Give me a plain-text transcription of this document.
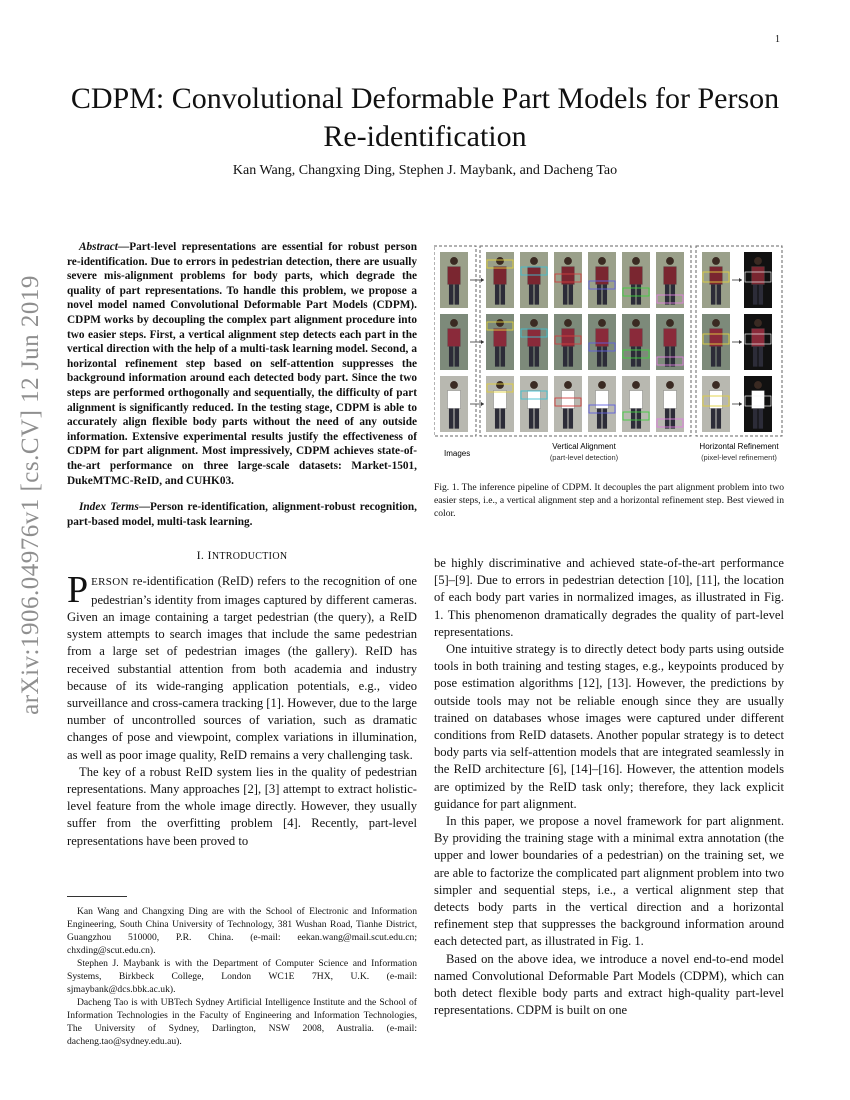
1
arXiv:1906.04976v1 [cs.CV] 12 Jun 2019
CDPM: Convolutional Deformable Part Models for Person Re-identification
Kan Wang, Changxing Ding, Stephen J. Maybank, and Dacheng Tao

Abstract—Part-level representations are essential for robust person re-identification. Due to errors in pedestrian detection, there are usually severe mis-alignment problems for body parts, which degrade the quality of part representations. To handle this problem, we propose a novel model named Convolutional Deformable Part Models (CDPM). CDPM works by decoupling the complex part alignment procedure into two easier steps. First, a vertical alignment step detects each part in the vertical direction with the help of a multi-task learning model. Second, a horizontal refinement step based on self-attention suppresses the background information around each detected body part. Since the two steps are performed orthogonally and sequentially, the difficulty of part alignment is significantly reduced. In the testing stage, CDPM is able to accurately align flexible body parts without the need of any outside information. Extensive experimental results justify the effectiveness of CDPM for part alignment. Most impressively, CDPM achieves state-of-the-art performance on three large-scale datasets: Market-1501, DukeMTMC-ReID, and CUHK03.

Index Terms—Person re-identification, alignment-robust recognition, part-based model, multi-task learning.

I. INTRODUCTION

PERSON re-identification (ReID) refers to the recognition of one pedestrian’s identity from images captured by different cameras. Given an image containing a target pedestrian (the query), a ReID system attempts to search images that include the same pedestrian from a large set of pedestrian images (the gallery). ReID has received substantial attention from both academia and industry because of its wide-ranging application potentials, e.g., video surveillance and cross-camera tracking [1]. However, due to the large number of uncontrolled sources of variation, such as dramatic changes of pose and viewpoint, complex variations in illumination, as well as poor image quality, ReID remains a very challenging task.

The key of a robust ReID system lies in the quality of pedestrian representations. Many approaches [2], [3] attempt to extract holistic-level feature from the whole image directly. However, they usually suffer from the overfitting problem [4]. Recently, part-level representations have been proved to

Kan Wang and Changxing Ding are with the School of Electronic and Information Engineering, South China University of Technology, 381 Wushan Road, Tianhe District, Guangzhou 510000, P.R. China. (e-mail: eekan.wang@mail.scut.edu.cn; chxding@scut.edu.cn).

Stephen J. Maybank is with the Department of Computer Science and Information Systems, Birkbeck College, London WC1E 7HX, U.K. (e-mail: sjmaybank@dcs.bbk.ac.uk).

Dacheng Tao is with UBTech Sydney Artificial Intelligence Institute and the School of Information Technologies in the Faculty of Engineering and Information Technologies, The University of Sydney, Darlington, NSW 2008, Australia. (e-mail: dacheng.tao@sydney.edu.au).

Images
Vertical Alignment
(part-level detection)
Horizontal Refinement
(pixel-level refinement)
Fig. 1. The inference pipeline of CDPM. It decouples the part alignment problem into two easier steps, i.e., a vertical alignment step and a horizontal refinement step. Best viewed in color.

be highly discriminative and achieved state-of-the-art performance [5]–[9]. Due to errors in pedestrian detection [10], [11], the location of each body part varies in normalized images, as illustrated in Fig. 1. This phenomenon dramatically degrades the quality of part-level representations.

One intuitive strategy is to directly detect body parts using outside tools in both training and testing stages, e.g., keypoints produced by pose estimation algorithms [12], [13]. However, the predictions by outside tools may not be reliable enough since they are usually trained on databases whose images were captured under different conditions from ReID datasets. Another popular strategy is to detect body parts via self-attention models that are integrated seamlessly in the ReID architecture [6], [14]–[16]. However, the attention models are optimized by the ReID task only; therefore, they lack explicit guidance for part alignment.

In this paper, we propose a novel framework for part alignment. By providing the training stage with a minimal extra annotation (the upper and lower boundaries of a pedestrian) on the training set, we are able to factorize the complicated part alignment problem into two simpler and sequential steps, i.e., a vertical alignment step that detects body parts in the vertical direction and a horizontal refinement step that suppresses the background information around each detected part, as illustrated in Fig. 1.

Based on the above idea, we introduce a novel end-to-end model named Convolutional Deformable Part Models (CDPM), which can both detect flexible body parts and extract high-quality part-level representations. CDPM is built on one
